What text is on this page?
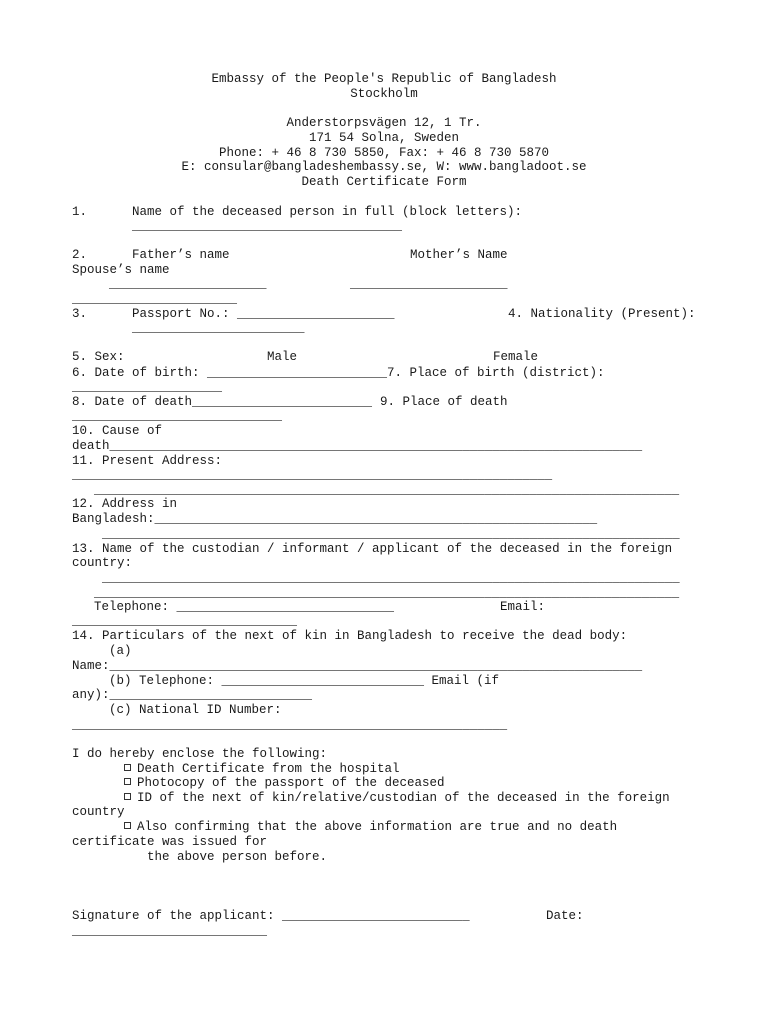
Embassy of the People's Republic of Bangladesh
Stockholm
Anderstorpsvägen 12, 1 Tr.
171 54 Solna, Sweden
Phone: + 46 8 730 5850, Fax: + 46 8 730 5870
E: consular@bangladeshembassy.se, W: www.bangladoot.se
Death Certificate Form
1.	Name of the deceased person in full (block letters):
____________________________________
2.	Father’s name	Mother’s Name
Spouse’s name
_____________________	_____________________
______________________
3.	Passport No.: _____________________	4. Nationality (Present):
_______________________
5. Sex:	Male	Female
6. Date of birth: ________________________ 7. Place of birth (district):
____________________
8. Date of death________________________ 9. Place of death
____________________________
10. Cause of
death_______________________________________________________________________
11. Present Address:
________________________________________________________________
______________________________________________________________________________
12. Address in
Bangladesh:___________________________________________________________
_____________________________________________________________________________
13. Name of the custodian / informant / applicant of the deceased in the foreign
country:
_____________________________________________________________________________
______________________________________________________________________________
Telephone: _____________________________	Email:
______________________________
14. Particulars of the next of kin in Bangladesh to receive the dead body:
(a)
Name:_______________________________________________________________________
(b) Telephone: ___________________________ Email (if
any):___________________________
(c) National ID Number:
__________________________________________________________
I do hereby enclose the following:
Death Certificate from the hospital
Photocopy of the passport of the deceased
ID of the next of kin/relative/custodian of the deceased in the foreign
country
Also confirming that the above information are true and no death
certificate was issued for
the above person before.
Signature of the applicant: _________________________	Date:
__________________________
